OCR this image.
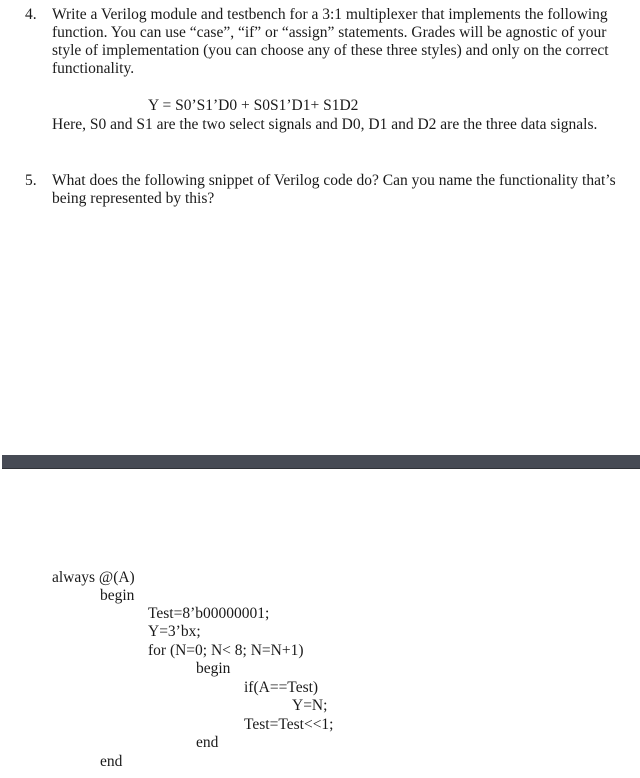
4. Write a Verilog module and testbench for a 3:1 multiplexer that implements the following
function. You can use “case”, “if” or “assign” statements. Grades will be agnostic of your
style of implementation (you can choose any of these three styles) and only on the correct
functionality.
Y = S0’S1’D0 + S0S1’D1+ S1D2
Here, S0 and S1 are the two select signals and D0, D1 and D2 are the three data signals.
5. What does the following snippet of Verilog code do? Can you name the functionality that’s
being represented by this?
always @(A)
begin
Test=8’b00000001;
Y=3’bx;
for (N=0; N< 8; N=N+1)
begin
if(A==Test)
Y=N;
Test=Test<<1;
end
end
